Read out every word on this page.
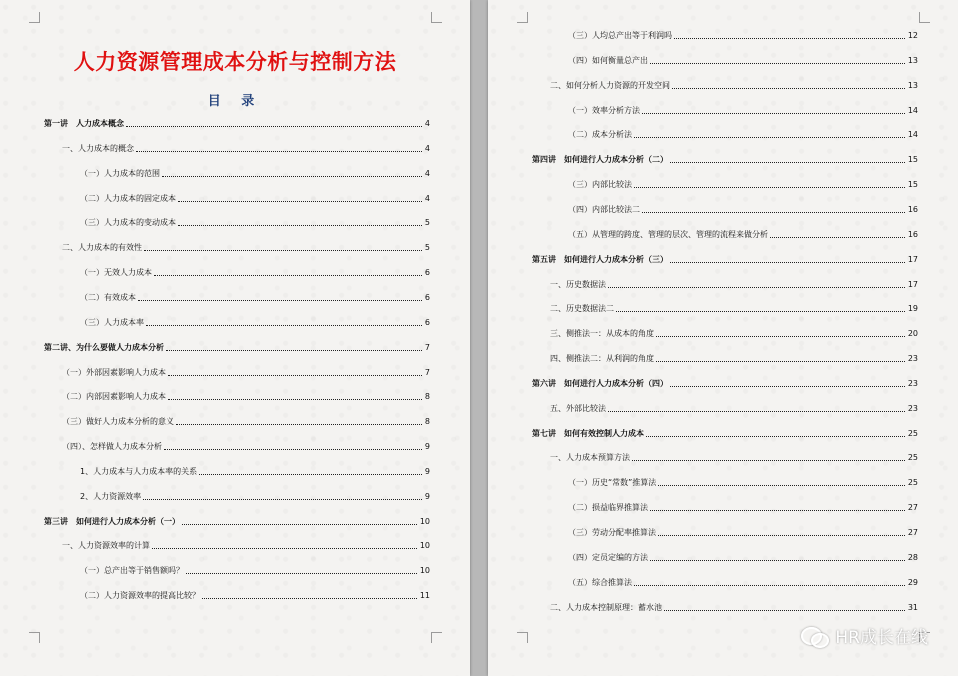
人力资源管理成本分析与控制方法
目 录
第一讲　人力成本概念	4
一、人力成本的概念	4
（一）人力成本的范围	4
（二）人力成本的固定成本	4
（三）人力成本的变动成本	5
二、人力成本的有效性	5
（一）无效人力成本	6
（二）有效成本	6
（三）人力成本率	6
第二讲、为什么要做人力成本分析	7
（一）外部因素影响人力成本	7
（二）内部因素影响人力成本	8
（三）做好人力成本分析的意义	8
（四）、怎样做人力成本分析	9
1、人力成本与人力成本率的关系	9
2、人力资源效率	9
第三讲　如何进行人力成本分析（一）	10
一、人力资源效率的计算	10
（一）总产出等于销售额吗？	10
（二）人力资源效率的提高比较？	11
（三）人均总产出等于利润吗	12
（四）如何衡量总产出	13
二、如何分析人力资源的开发空间	13
（一）效率分析方法	14
（二）成本分析法	14
第四讲　如何进行人力成本分析（二）	15
（三）内部比较法	15
（四）内部比较法二	16
（五）从管理的跨度、管理的层次、管理的流程来做分析	16
第五讲　如何进行人力成本分析（三）	17
一、历史数据法	17
二、历史数据法二	19
三、侧推法一：从成本的角度	20
四、侧推法二：从利润的角度	23
第六讲　如何进行人力成本分析（四）	23
五、外部比较法	23
第七讲　如何有效控制人力成本	25
一、人力成本预算方法	25
（一）历史“常数”推算法	25
（二）损益临界推算法	27
（三）劳动分配率推算法	27
（四）定员定编的方法	28
（五）综合推算法	29
二、人力成本控制原理：蓄水池	31
HR成长在线
